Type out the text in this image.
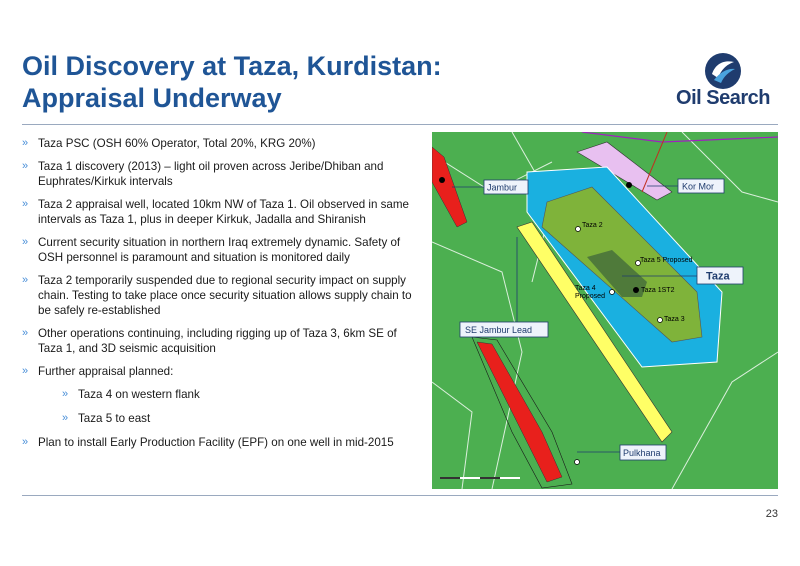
Oil Discovery at Taza, Kurdistan:
Appraisal Underway	Oil Search
» Taza PSC (OSH 60% Operator, Total 20%, KRG 20%)
» Taza 1 discovery (2013) – light oil proven across Jeribe/Dhiban and Euphrates/Kirkuk intervals
» Taza 2 appraisal well, located 10km NW of Taza 1. Oil observed in same intervals as Taza 1, plus in deeper Kirkuk, Jadalla and Shiranish
» Current security situation in northern Iraq extremely dynamic. Safety of OSH personnel is paramount and situation is monitored daily
» Taza 2 temporarily suspended due to regional security impact on supply chain. Testing to take place once security situation allows supply chain to be safely re-established
» Other operations continuing, including rigging up of Taza 3, 6km SE of Taza 1, and 3D seismic acquisition
» Further appraisal planned:
» Taza 4 on western flank
» Taza 5 to east
» Plan to install Early Production Facility (EPF) on one well in mid-2015
Taza 2
Taza 5 Proposed
Taza 4
Proposed
Taza 1ST2
Taza 3
Jambur	Kor Mor
Taza
SE Jambur Lead
Pulkhana
23
